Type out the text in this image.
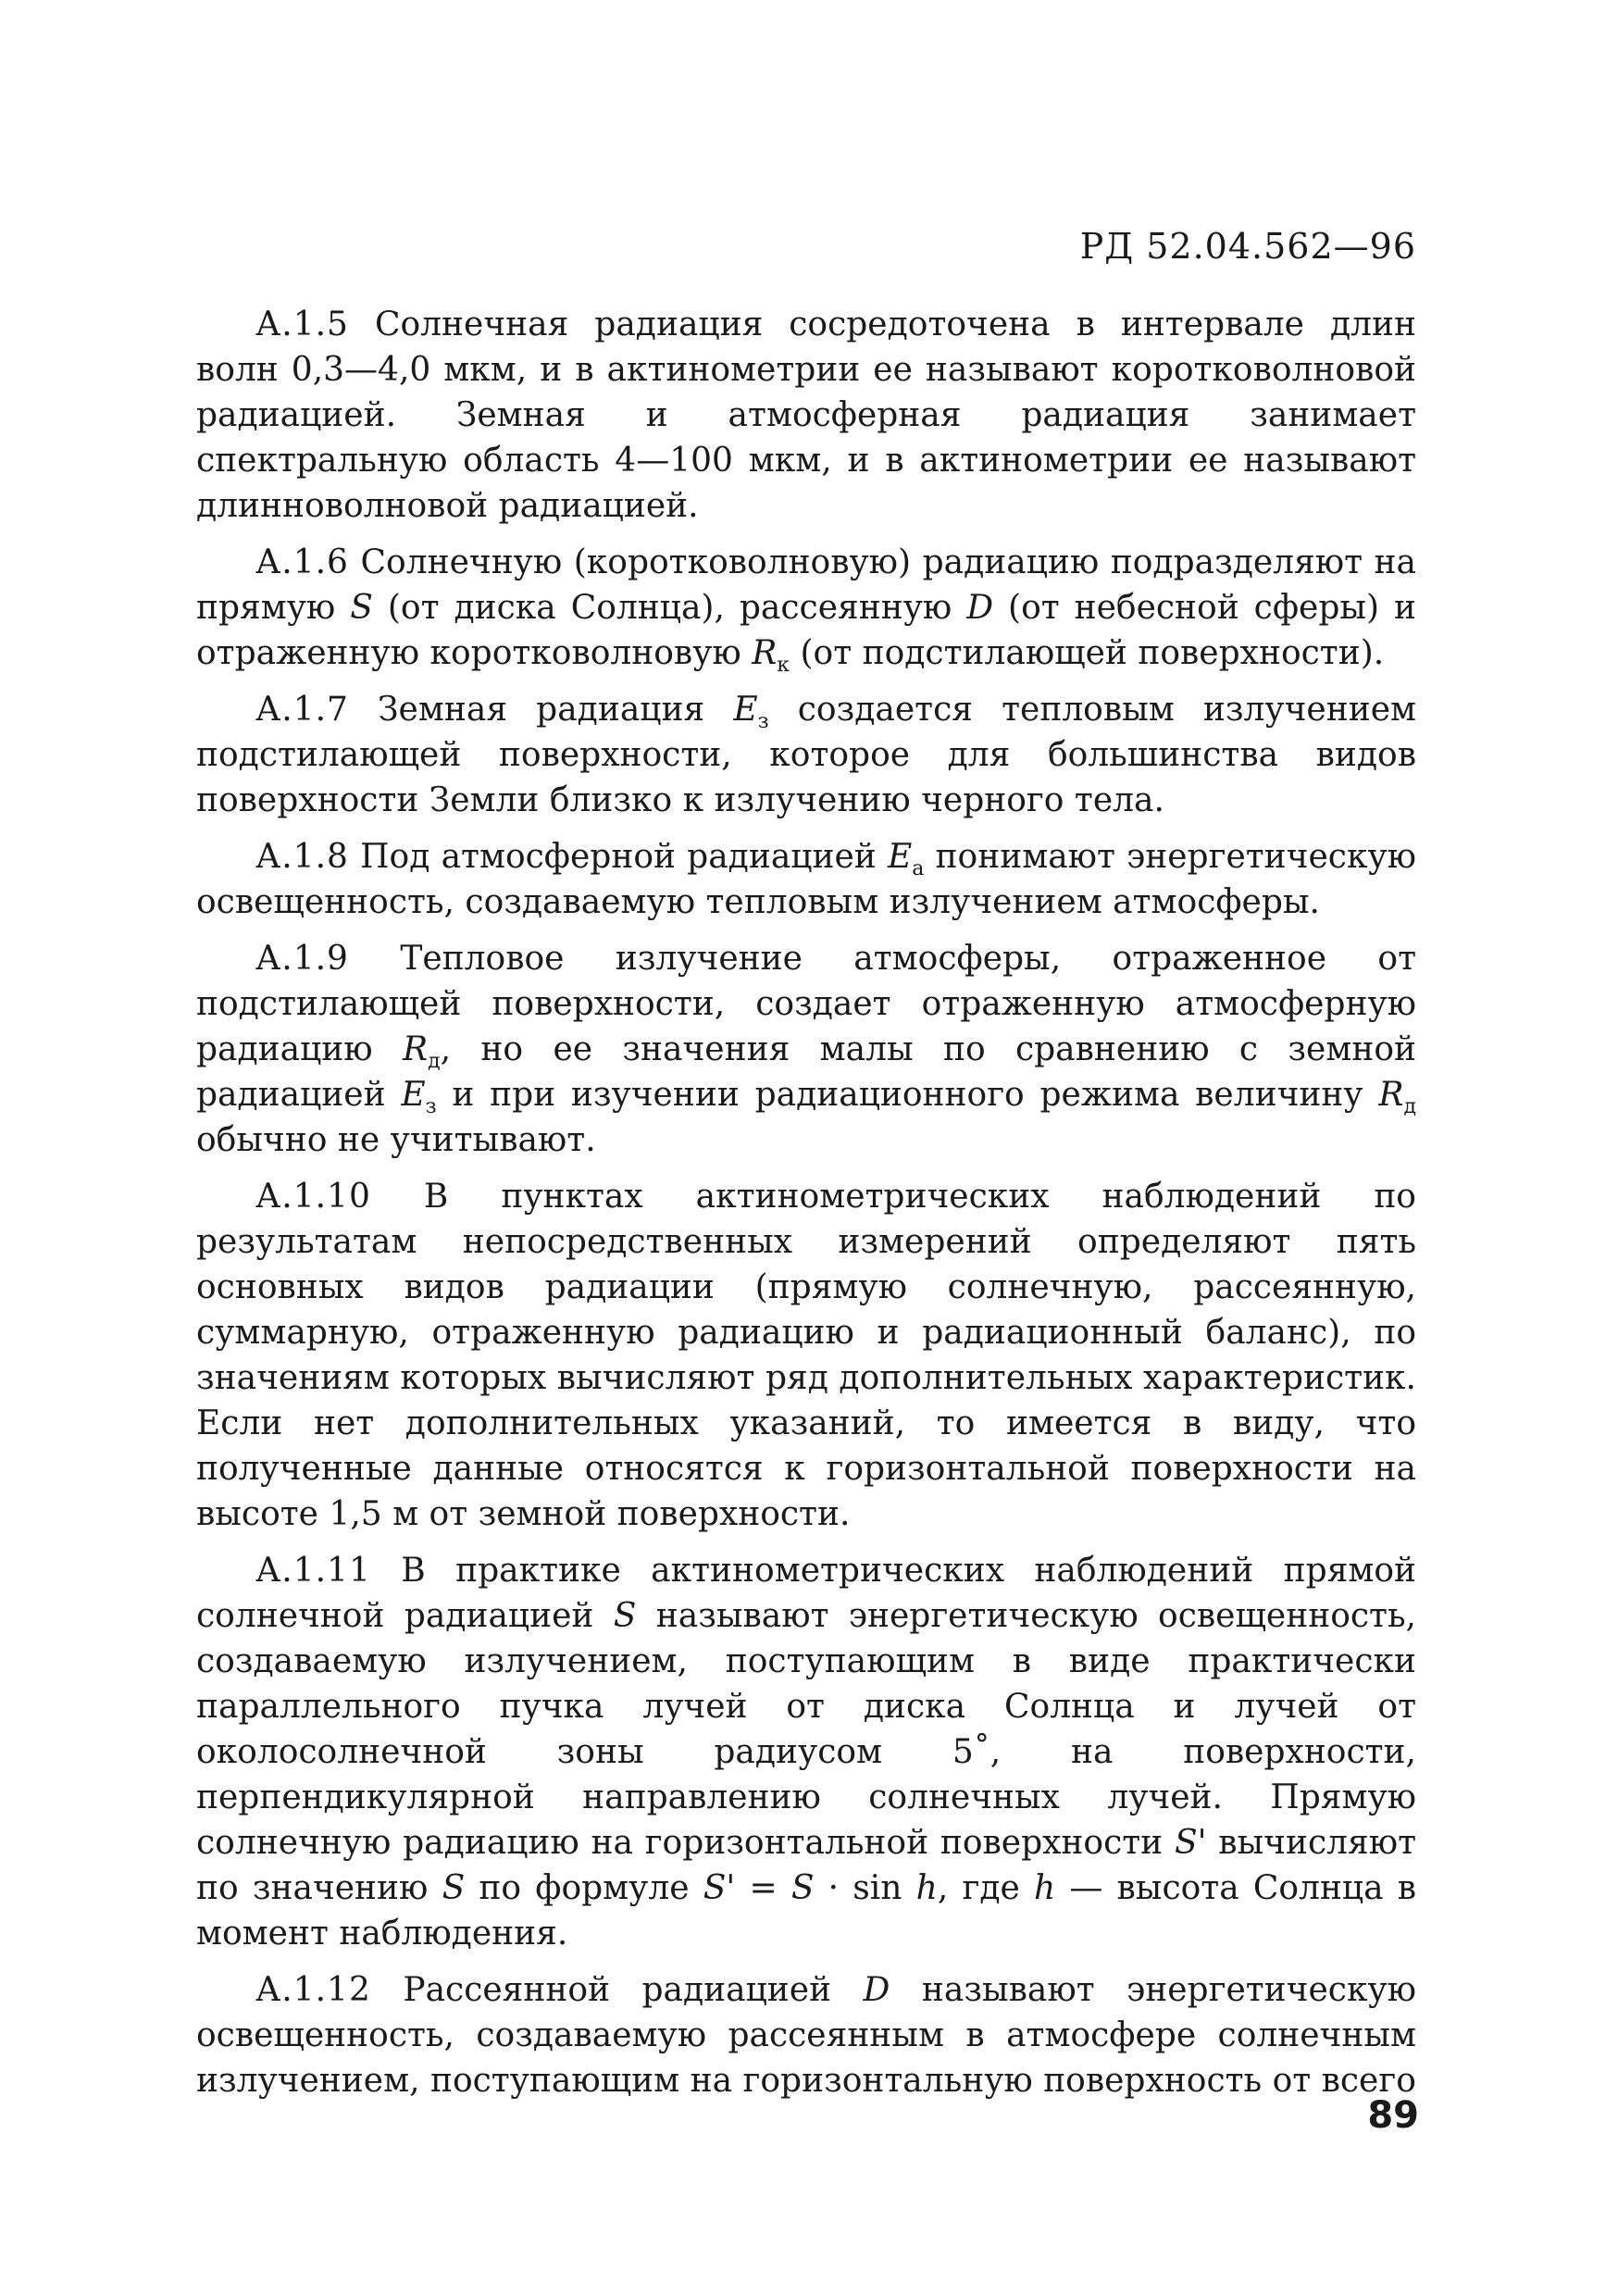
РД 52.04.562—96

А.1.5 Солнечная радиация сосредоточена в интервале длин волн 0,3—4,0 мкм, и в актинометрии ее называют коротковолновой радиацией. Земная и атмосферная радиация занимает спектральную область 4—100 мкм, и в актинометрии ее называют длинноволновой радиацией.

А.1.6 Солнечную (коротковолновую) радиацию подразделяют на прямую S (от диска Солнца), рассеянную D (от небесной сферы) и отраженную коротковолновую $R_к$ (от подстилающей поверхности).

А.1.7 Земная радиация $E_з$ создается тепловым излучением подстилающей поверхности, которое для большинства видов поверхности Земли близко к излучению черного тела.

А.1.8 Под атмосферной радиацией $E_а$ понимают энергетическую освещенность, создаваемую тепловым излучением атмосферы.

А.1.9 Тепловое излучение атмосферы, отраженное от подстилающей поверхности, создает отраженную атмосферную радиацию $R_д$, но ее значения малы по сравнению с земной радиацией $E_з$ и при изучении радиационного режима величину $R_д$ обычно не учитывают.

А.1.10 В пунктах актинометрических наблюдений по результатам непосредственных измерений определяют пять основных видов радиации (прямую солнечную, рассеянную, суммарную, отраженную радиацию и радиационный баланс), по значениям которых вычисляют ряд дополнительных характеристик. Если нет дополнительных указаний, то имеется в виду, что полученные данные относятся к горизонтальной поверхности на высоте 1,5 м от земной поверхности.

А.1.11 В практике актинометрических наблюдений прямой солнечной радиацией S называют энергетическую освещенность, создаваемую излучением, поступающим в виде практически параллельного пучка лучей от диска Солнца и лучей от околосолнечной зоны радиусом 5˚, на поверхности, перпендикулярной направлению солнечных лучей. Прямую солнечную радиацию на горизонтальной поверхности S' вычисляют по значению S по формуле S' = S · sin h, где h — высота Солнца в момент наблюдения.

А.1.12 Рассеянной радиацией D называют энергетическую освещенность, создаваемую рассеянным в атмосфере солнечным излучением, поступающим на горизонтальную поверхность от всего

89
